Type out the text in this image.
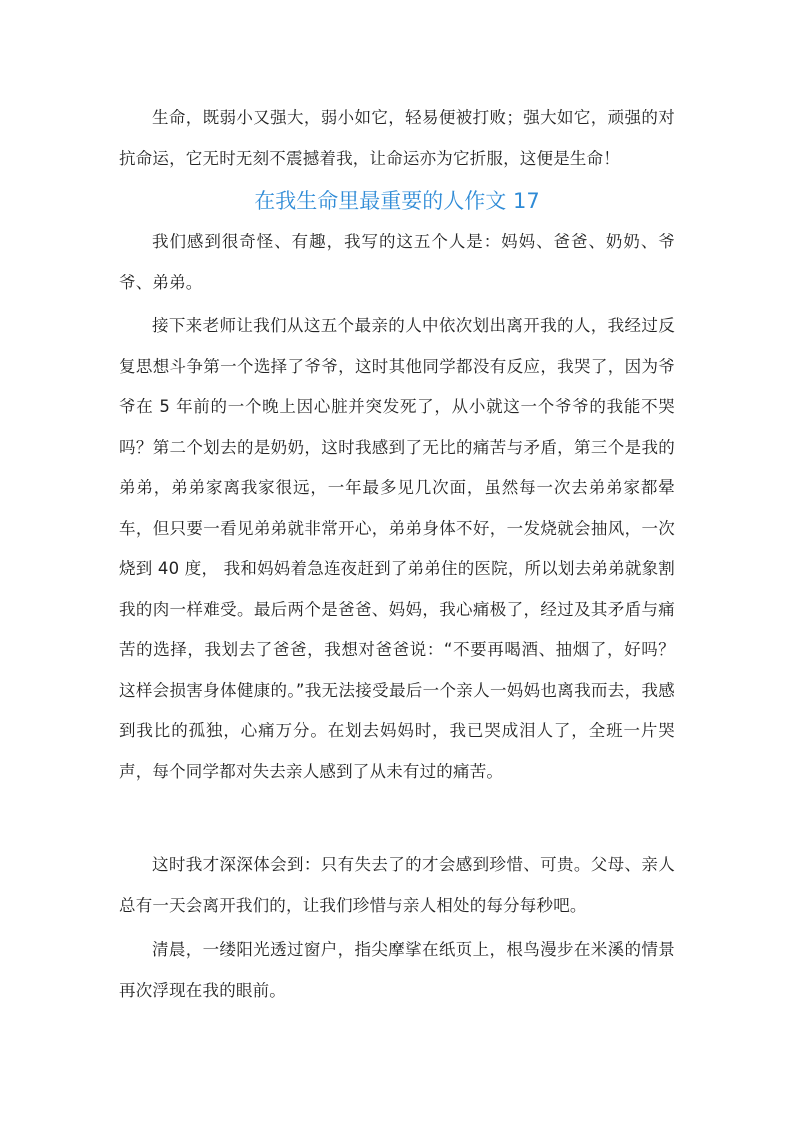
生命，既弱小又强大，弱小如它，轻易便被打败；强大如它，顽强的对抗命运，它无时无刻不震撼着我，让命运亦为它折服，这便是生命！

在我生命里最重要的人作文 17

我们感到很奇怪、有趣，我写的这五个人是：妈妈、爸爸、奶奶、爷爷、弟弟。

接下来老师让我们从这五个最亲的人中依次划出离开我的人，我经过反复思想斗争第一个选择了爷爷，这时其他同学都没有反应，我哭了，因为爷爷在 5 年前的一个晚上因心脏并突发死了，从小就这一个爷爷的我能不哭吗？第二个划去的是奶奶，这时我感到了无比的痛苦与矛盾，第三个是我的弟弟，弟弟家离我家很远，一年最多见几次面，虽然每一次去弟弟家都晕车，但只要一看见弟弟就非常开心，弟弟身体不好，一发烧就会抽风，一次烧到 40 度， 我和妈妈着急连夜赶到了弟弟住的医院，所以划去弟弟就象割我的肉一样难受。最后两个是爸爸、妈妈，我心痛极了，经过及其矛盾与痛苦的选择，我划去了爸爸，我想对爸爸说：“不要再喝酒、抽烟了，好吗？这样会损害身体健康的。”我无法接受最后一个亲人一妈妈也离我而去，我感到我比的孤独，心痛万分。在划去妈妈时，我已哭成泪人了，全班一片哭声，每个同学都对失去亲人感到了从未有过的痛苦。

这时我才深深体会到：只有失去了的才会感到珍惜、可贵。父母、亲人总有一天会离开我们的，让我们珍惜与亲人相处的每分每秒吧。

清晨，一缕阳光透过窗户，指尖摩挲在纸页上，根鸟漫步在米溪的情景再次浮现在我的眼前。
